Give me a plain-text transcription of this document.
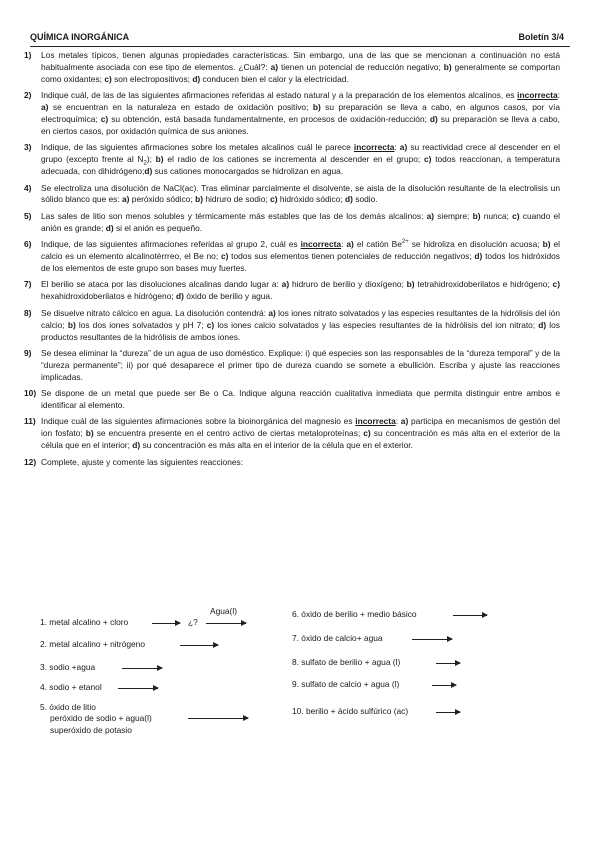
QUÍMICA INORGÁNICA	Boletín 3/4
1) Los metales típicos, tienen algunas propiedades características. Sin embargo, una de las que se mencionan a continuación no está habitualmente asociada con ese tipo de elementos. ¿Cuál?: a) tienen un potencial de reducción negativo; b) generalmente se comportan como oxidantes; c) son electropositivos; d) conducen bien el calor y la electricidad.
2) Indique cuál, de las de las siguientes afirmaciones referidas al estado natural y a la preparación de los elementos alcalinos, es incorrecta: a) se encuentran en la naturaleza en estado de oxidación positivo; b) su preparación se lleva a cabo, en algunos casos, por vía electroquímica; c) su obtención, está basada fundamentalmente, en procesos de oxidación-reducción; d) su preparación se lleva a cabo, en ciertos casos, por oxidación química de sus aniones.
3) Indique, de las siguientes afirmaciones sobre los metales alcalinos cuál le parece incorrecta: a) su reactividad crece al descender en el grupo (excepto frente al $N_2$); b) el radio de los cationes se incrementa al descender en el grupo; c) todos reaccionan, a temperatura adecuada, con dihidrógeno;d) sus cationes monocargados se hidrolizan en agua.
4) Se electroliza una disolución de NaCl(ac). Tras eliminar parcialmente el disolvente, se aisla de la disolución resultante de la electrolisis un sólido blanco que es: a) peróxido sódico; b) hidruro de sodio; c) hidróxido sódico; d) sodio.
5) Las sales de litio son menos solubles y térmicamente más estables que las de los demás alcalinos: a) siempre; b) nunca; c) cuando el anión es grande; d) si el anión es pequeño.
6) Indique, de las siguientes afirmaciones referidas al grupo 2, cuál es incorrecta: a) el catión $Be^{2+}$ se hidroliza en disolución acuosa; b) el calcio es un elemento alcalinotérrreo, el Be no; c) todos sus elementos tienen potenciales de reducción negativos; d) todos los hidróxidos de los elementos de este grupo son bases muy fuertes.
7) El berilio se ataca por las disoluciones alcalinas dando lugar a: a) hidruro de berilio y dioxígeno; b) tetrahidroxidoberilatos e hidrógeno; c) hexahidroxidoberilatos e hidrógeno; d) óxido de berilio y agua.
8) Se disuelve nitrato cálcico en agua. La disolución contendrá: a) los iones nitrato solvatados y las especies resultantes de la hidrólisis del ión calcio; b) los dos iones solvatados y pH 7; c) los iones calcio solvatados y las especies resultantes de la hidrólisis del ion nitrato; d) los productos resultantes de la hidrólisis de ambos iones.
9) Se desea eliminar la “dureza” de un agua de uso doméstico. Explique: i) qué especies son las responsables de la “dureza temporal” y de la “dureza permanente”; ii) por qué desaparece el primer tipo de dureza cuando se somete a ebullición. Escriba y ajuste las reacciones implicadas.
10) Se dispone de un metal que puede ser Be o Ca. Indique alguna reacción cualitativa inmediata que permita distinguir entre ambos e identificar al elemento.
11) Indique cuál de las siguientes afirmaciones sobre la bioinorgánica del magnesio es incorrecta: a) participa en mecanismos de gestión del ion fosfato; b) se encuentra presente en el centro activo de ciertas metaloproteínas; c) su concentración es más alta en el exterior de la célula que en el interior; d) su concentración es más alta en el interior de la célula que en el exterior.
12) Complete, ajuste y comente las siguientes reacciones:
1. metal alcalino + cloro	¿?
Agua(l)
2. metal alcalino + nitrógeno
3. sodio +agua
4. sodio + etanol
5. óxido de litio
peróxido de sodio + agua(l)
superóxido de potasio
6. óxido de berilio + medio básico
7. óxido de calcio+ agua
8. sulfato de berilio + agua (l)
9. sulfato de calcio + agua (l)
10. berilio + ácido sulfúrico (ac)
